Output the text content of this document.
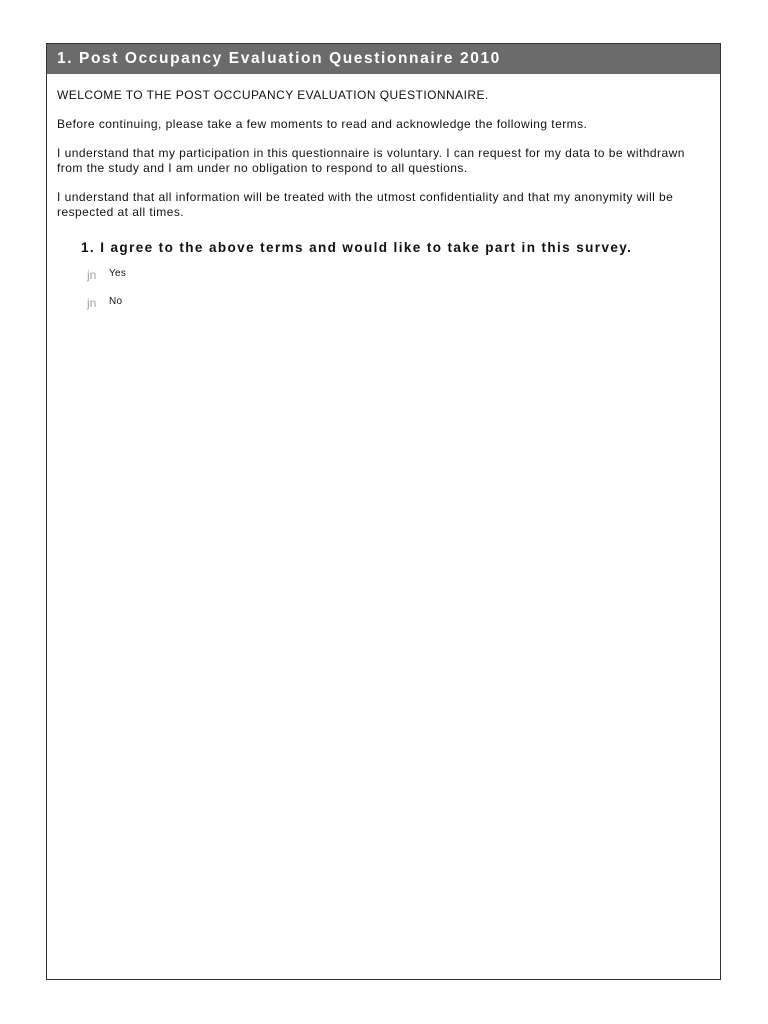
1. Post Occupancy Evaluation Questionnaire 2010

WELCOME TO THE POST OCCUPANCY EVALUATION QUESTIONNAIRE.

Before continuing, please take a few moments to read and acknowledge the following terms.

I understand that my participation in this questionnaire is voluntary. I can request for my data to be withdrawn from the study and I am under no obligation to respond to all questions.

I understand that all information will be treated with the utmost confidentiality and that my anonymity will be respected at all times.

1. I agree to the above terms and would like to take part in this survey.
jn	Yes
jn	No
